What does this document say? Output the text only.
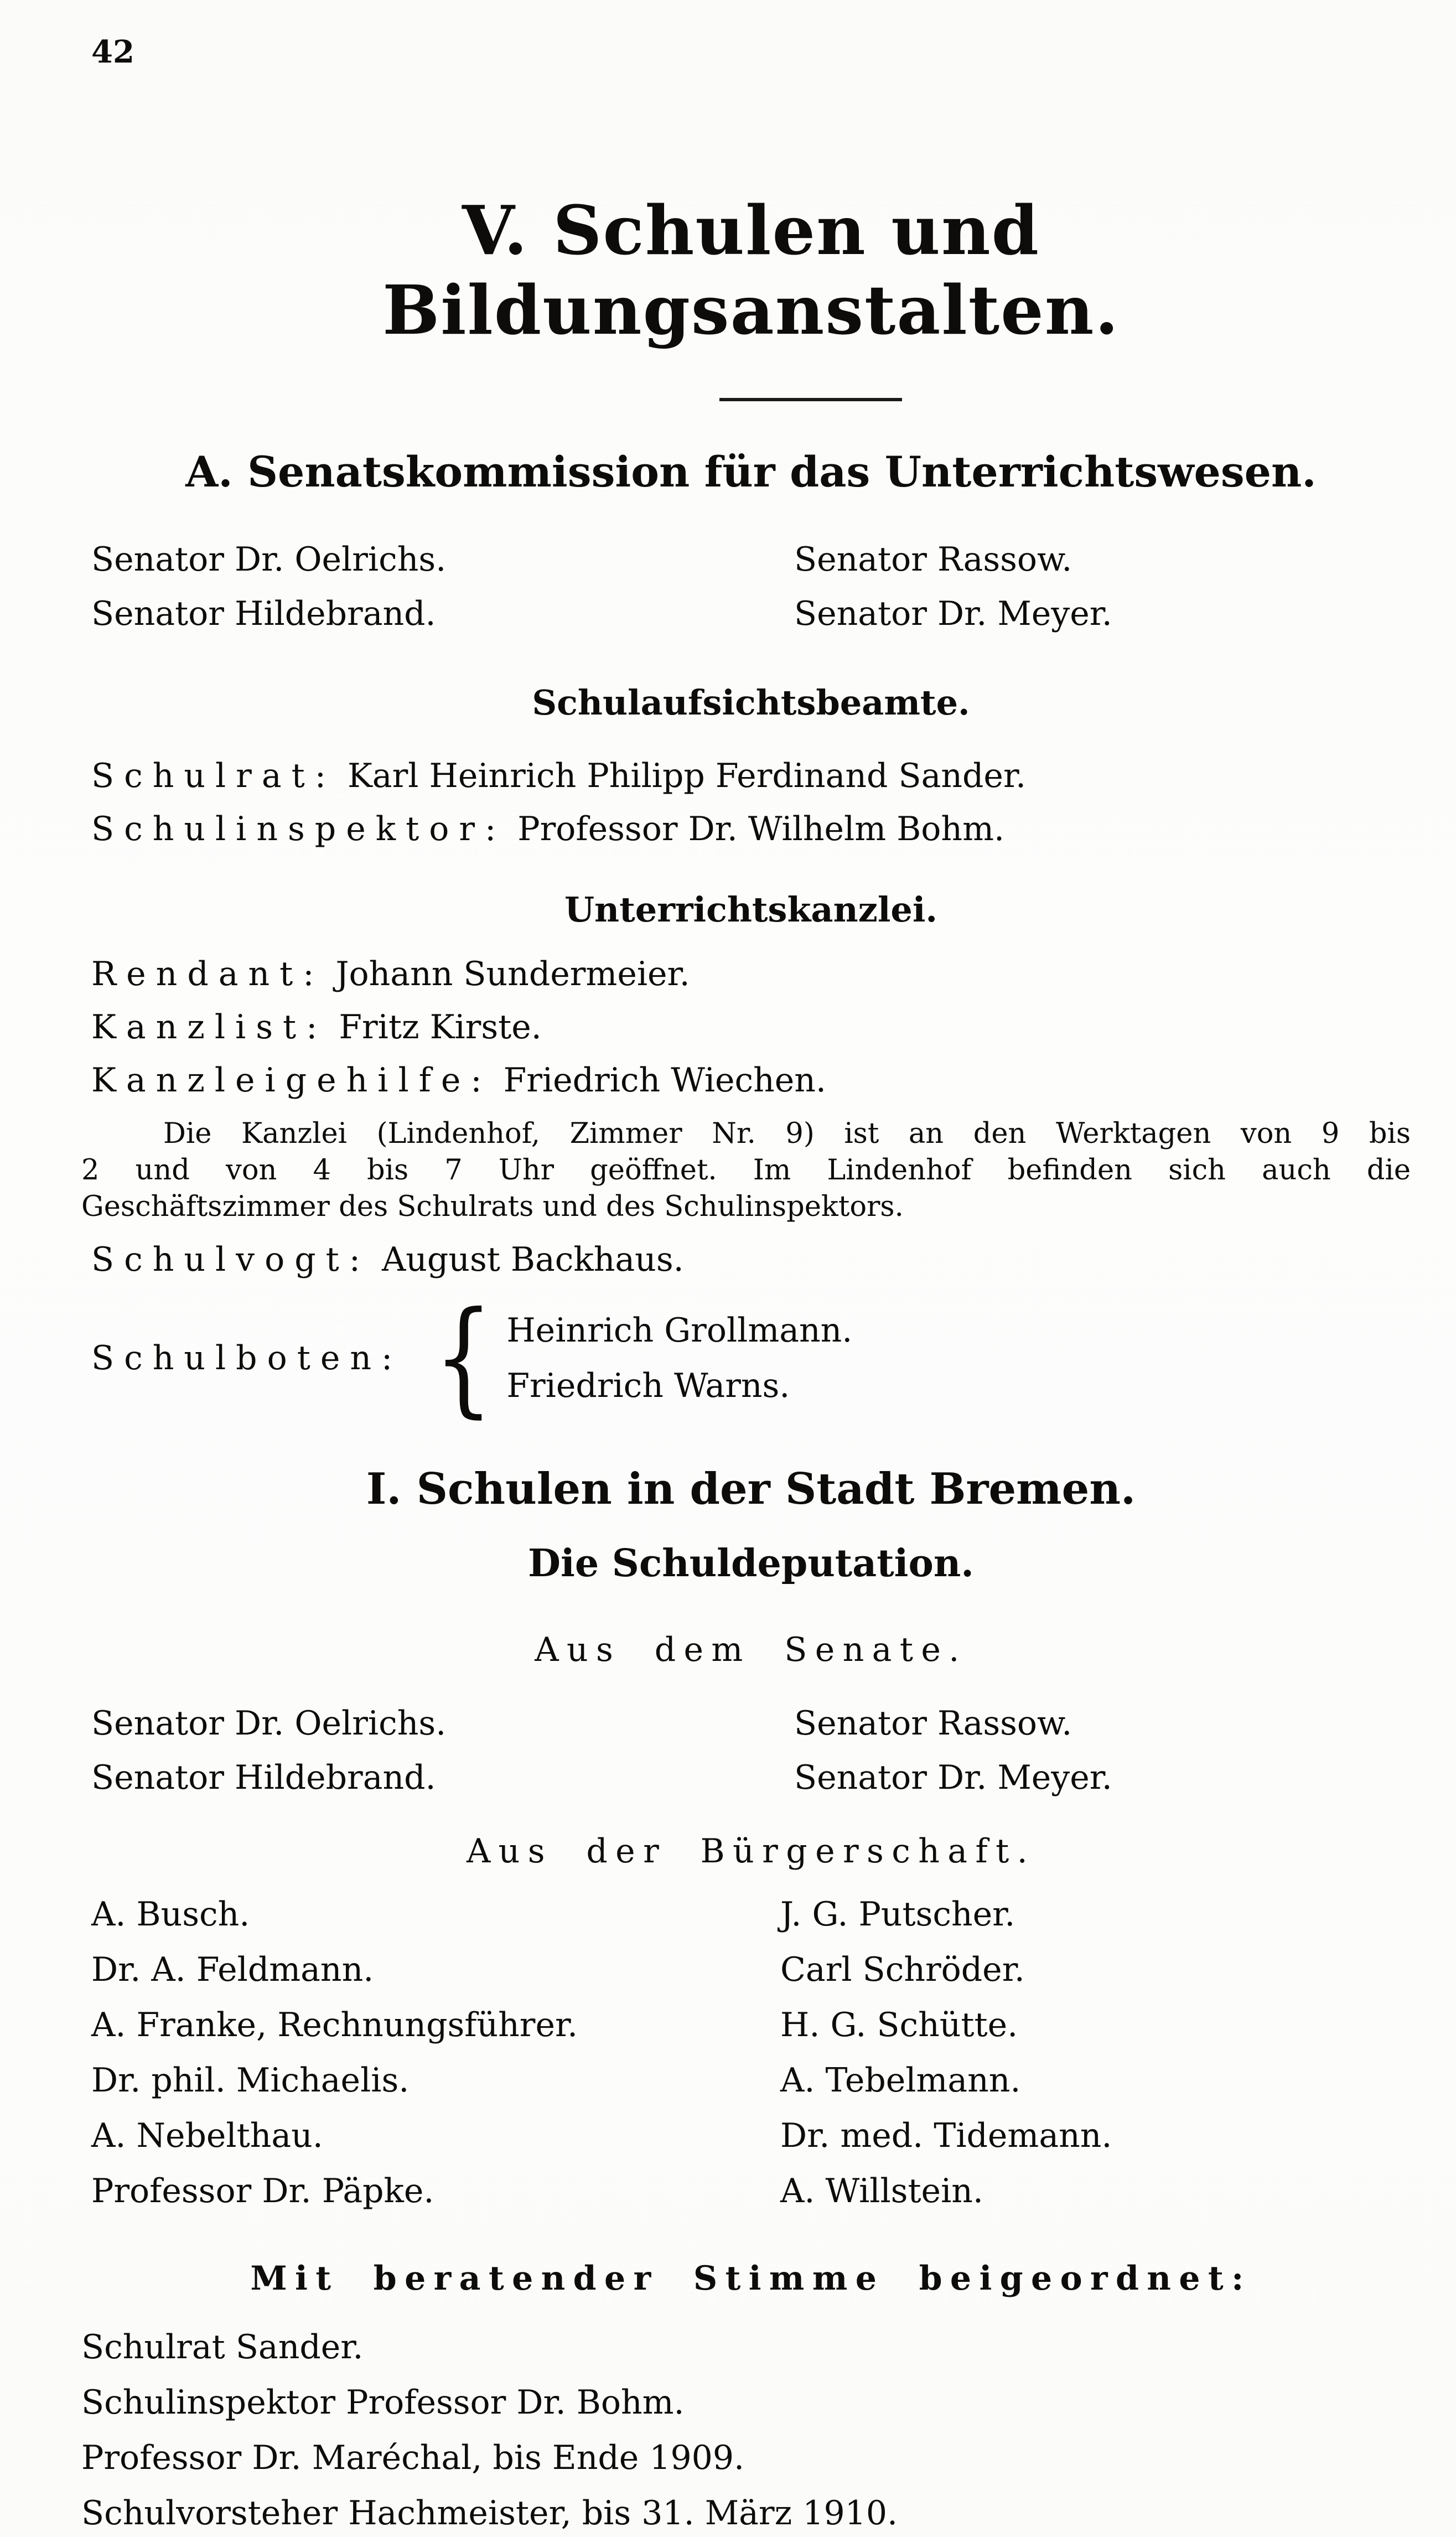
42
V. Schulen und Bildungsanstalten.
A. Senatskommission für das Unterrichtswesen.
Senator Dr. Oelrichs.	Senator Rassow.
Senator Hildebrand.	Senator Dr. Meyer.
Schulaufsichtsbeamte.
Schulrat: Karl Heinrich Philipp Ferdinand Sander.
Schulinspektor: Professor Dr. Wilhelm Bohm.
Unterrichtskanzlei.
Rendant: Johann Sundermeier.
Kanzlist: Fritz Kirste.
Kanzleigehilfe: Friedrich Wiechen.
Die Kanzlei (Lindenhof, Zimmer Nr. 9) ist an den Werktagen von 9 bis
2 und von 4 bis 7 Uhr geöffnet. Im Lindenhof befinden sich auch die
Geschäftszimmer des Schulrats und des Schulinspektors.
Schulvogt: August Backhaus.
Schulboten: { Heinrich Grollmann.
Friedrich Warns.
I. Schulen in der Stadt Bremen.
Die Schuldeputation.
Aus dem Senate.
Senator Dr. Oelrichs.	Senator Rassow.
Senator Hildebrand.	Senator Dr. Meyer.
Aus der Bürgerschaft.
A. Busch.	J. G. Putscher.
Dr. A. Feldmann.	Carl Schröder.
A. Franke, Rechnungsführer.	H. G. Schütte.
Dr. phil. Michaelis.	A. Tebelmann.
A. Nebelthau.	Dr. med. Tidemann.
Professor Dr. Päpke.	A. Willstein.
Mit beratender Stimme beigeordnet:
Schulrat Sander.
Schulinspektor Professor Dr. Bohm.
Professor Dr. Maréchal, bis Ende 1909.
Schulvorsteher Hachmeister, bis 31. März 1910.
